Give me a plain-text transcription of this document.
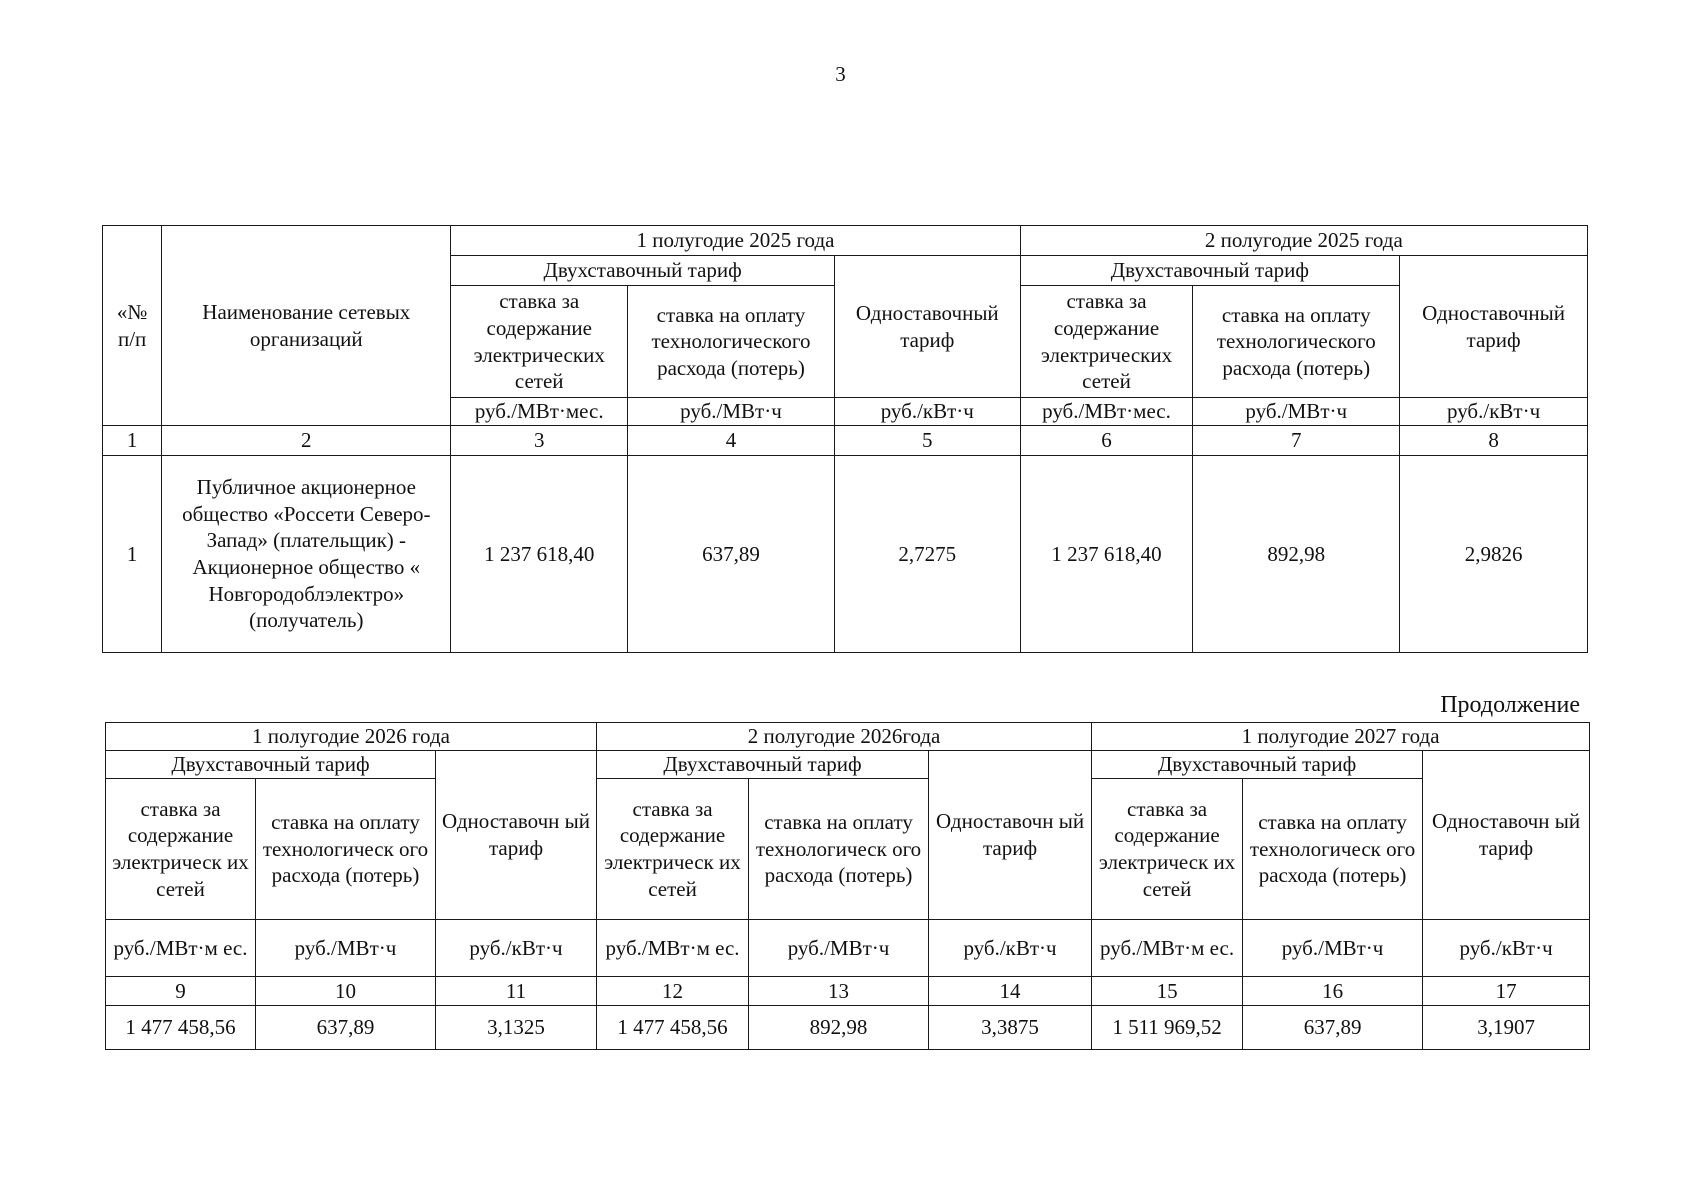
3
«№ п/п	Наименование сетевых организаций	1 полугодие 2025 года			2 полугодие 2025 года		
		Двухставочный тариф		Одноставочный тариф	Двухставочный тариф		Одноставочный тариф
		ставка за содержание электрических сетей	ставка на оплату технологического расхода (потерь)		ставка за содержание электрических сетей	ставка на оплату технологического расхода (потерь)	
		руб./МВт·мес.	руб./МВт·ч	руб./кВт·ч	руб./МВт·мес.	руб./МВт·ч	руб./кВт·ч
1	2	3	4	5	6	7	8
1	Публичное акционерное общество «Россети Северо-Запад» (плательщик) - Акционерное общество « Новгородоблэлектро» (получатель)	1 237 618,40	637,89	2,7275	1 237 618,40	892,98	2,9826
Продолжение
1 полугодие 2026 года			2 полугодие 2026года			1 полугодие 2027 года		
Двухставочный тариф		Одноставочн ый тариф	Двухставочный тариф		Одноставочн ый тариф	Двухставочный тариф		Одноставочн ый тариф
ставка за содержание электрическ их сетей	ставка на оплату технологическ ого расхода (потерь)		ставка за содержание электрическ их сетей	ставка на оплату технологическ ого расхода (потерь)		ставка за содержание электрическ их сетей	ставка на оплату технологическ ого расхода (потерь)	
руб./МВт·м ес.	руб./МВт·ч	руб./кВт·ч	руб./МВт·м ес.	руб./МВт·ч	руб./кВт·ч	руб./МВт·м ес.	руб./МВт·ч	руб./кВт·ч
9	10	11	12	13	14	15	16	17
1 477 458,56	637,89	3,1325	1 477 458,56	892,98	3,3875	1 511 969,52	637,89	3,1907
